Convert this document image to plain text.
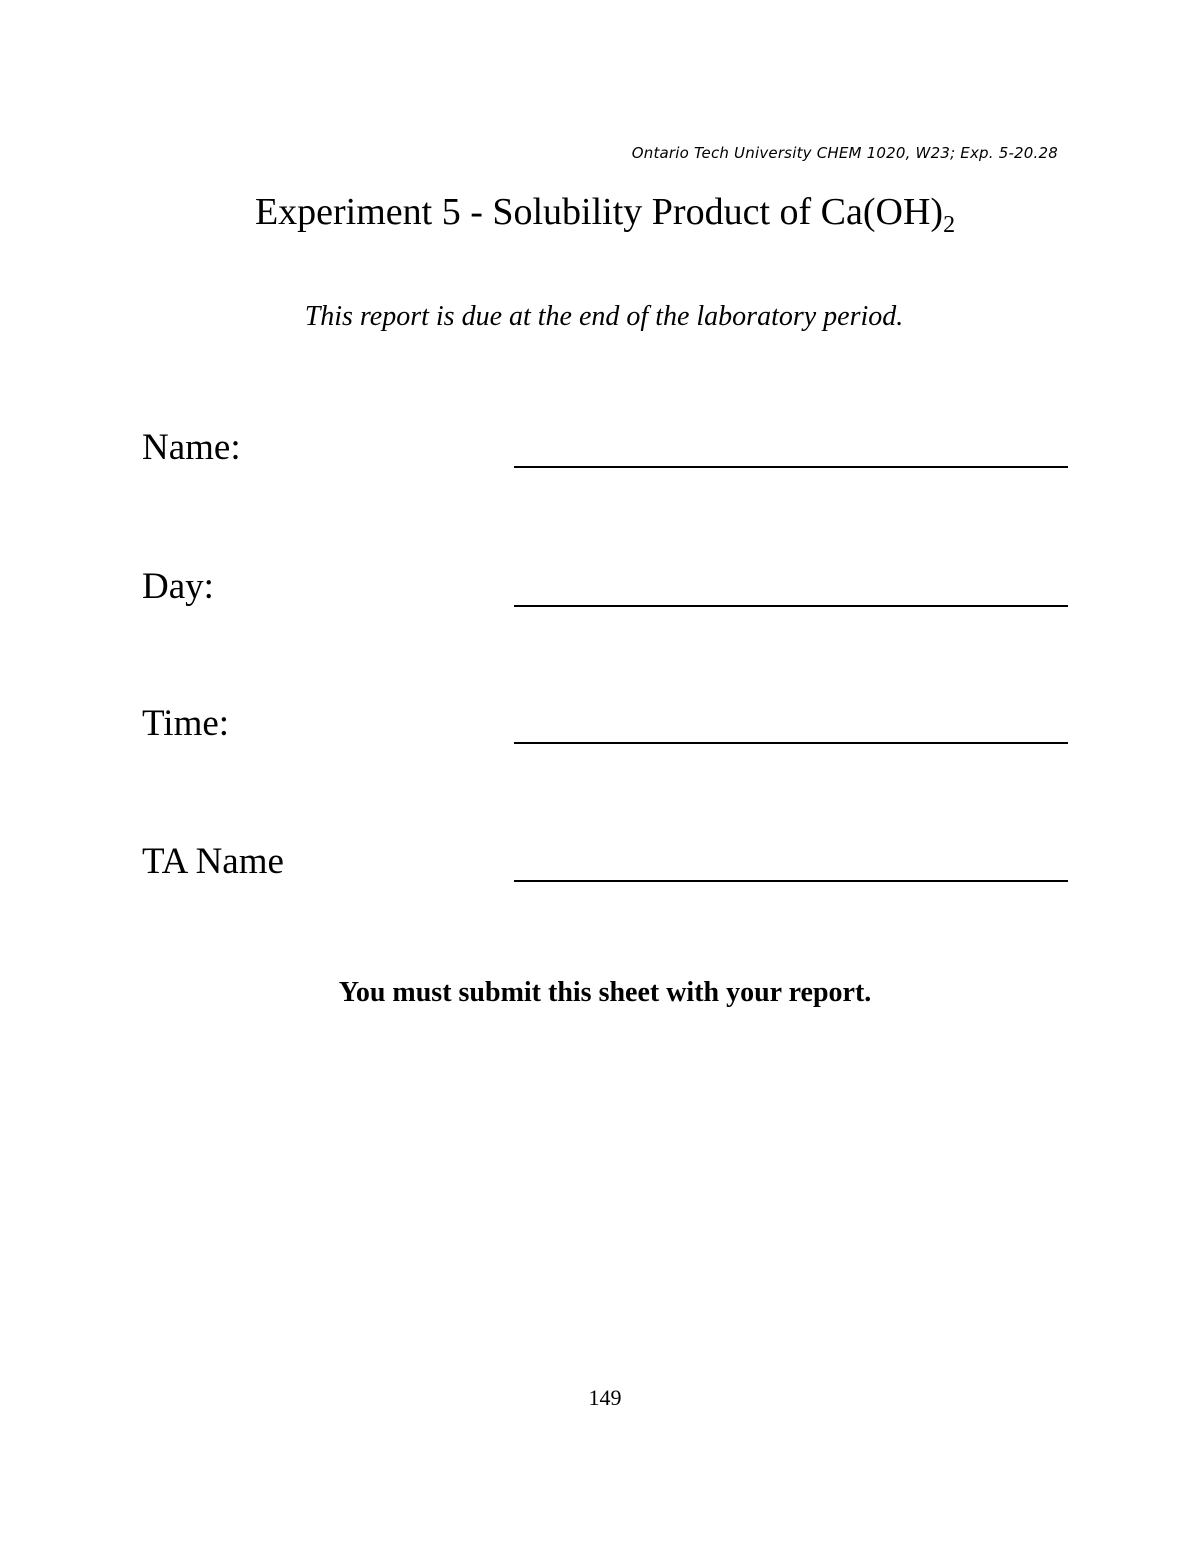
Ontario Tech University CHEM 1020, W23; Exp. 5-20.28
Experiment 5 - Solubility Product of $Ca(OH)_2$
This report is due at the end of the laboratory period.
Name:
Day:
Time:
TA Name
You must submit this sheet with your report.
149
